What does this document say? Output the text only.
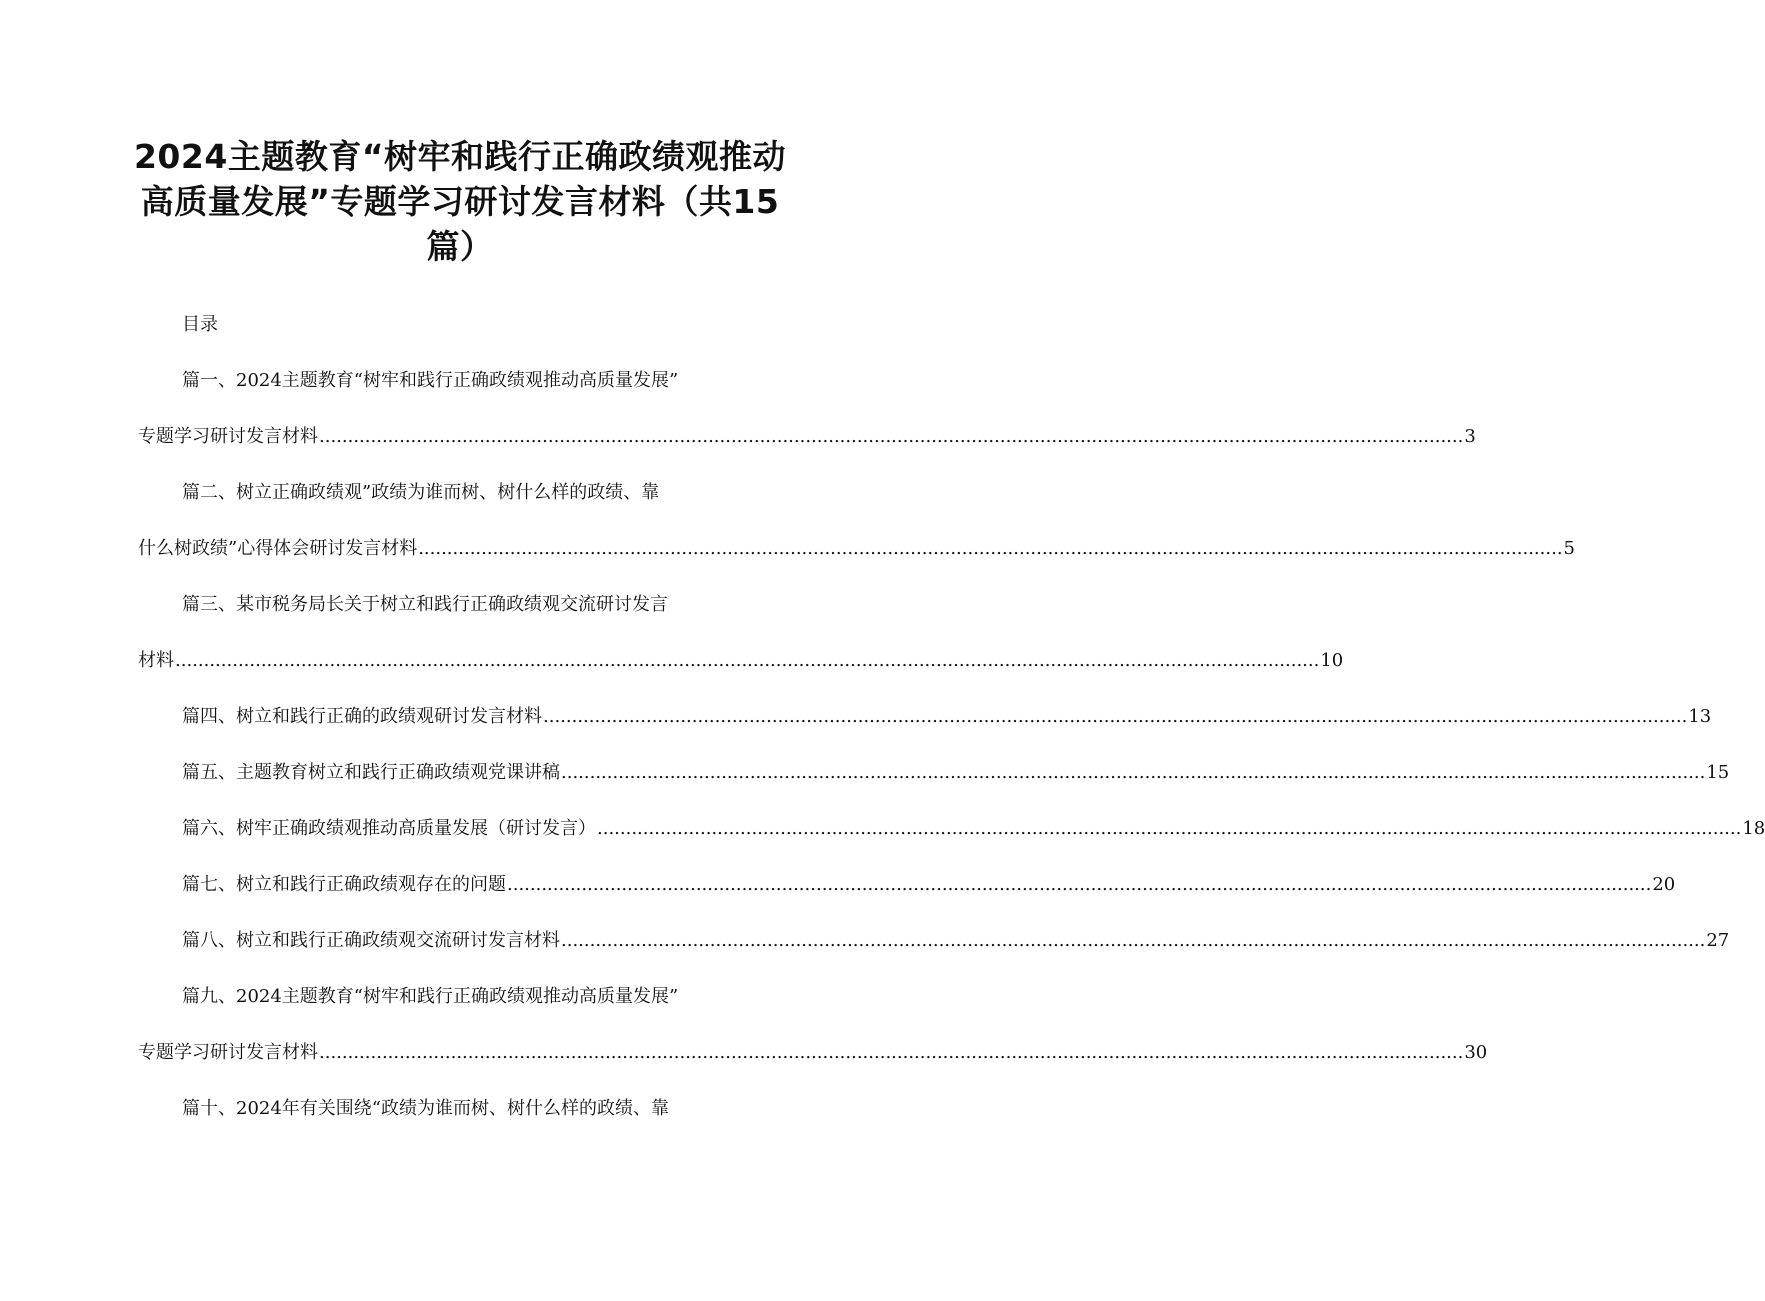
2024主题教育“树牢和践行正确政绩观推动高质量发展”专题学习研讨发言材料（共15篇）
目录
篇一、2024主题教育“树牢和践行正确政绩观推动高质量发展”
专题学习研讨发言材料 ........................................................................................................................................................................................................ 3
篇二、树立正确政绩观”政绩为谁而树、树什么样的政绩、靠
什么树政绩”心得体会研讨发言材料 ........................................................................................................................................................................................................ 5
篇三、某市税务局长关于树立和践行正确政绩观交流研讨发言
材料 ........................................................................................................................................................................................................ 10
篇四、树立和践行正确的政绩观研讨发言材料 ........................................................................................................................................................................................................ 13
篇五、主题教育树立和践行正确政绩观党课讲稿 ........................................................................................................................................................................................................ 15
篇六、树牢正确政绩观推动高质量发展（研讨发言） ........................................................................................................................................................................................................ 18
篇七、树立和践行正确政绩观存在的问题 ........................................................................................................................................................................................................ 20
篇八、树立和践行正确政绩观交流研讨发言材料 ........................................................................................................................................................................................................ 27
篇九、2024主题教育“树牢和践行正确政绩观推动高质量发展”
专题学习研讨发言材料 ........................................................................................................................................................................................................ 30
篇十、2024年有关围绕“政绩为谁而树、树什么样的政绩、靠
